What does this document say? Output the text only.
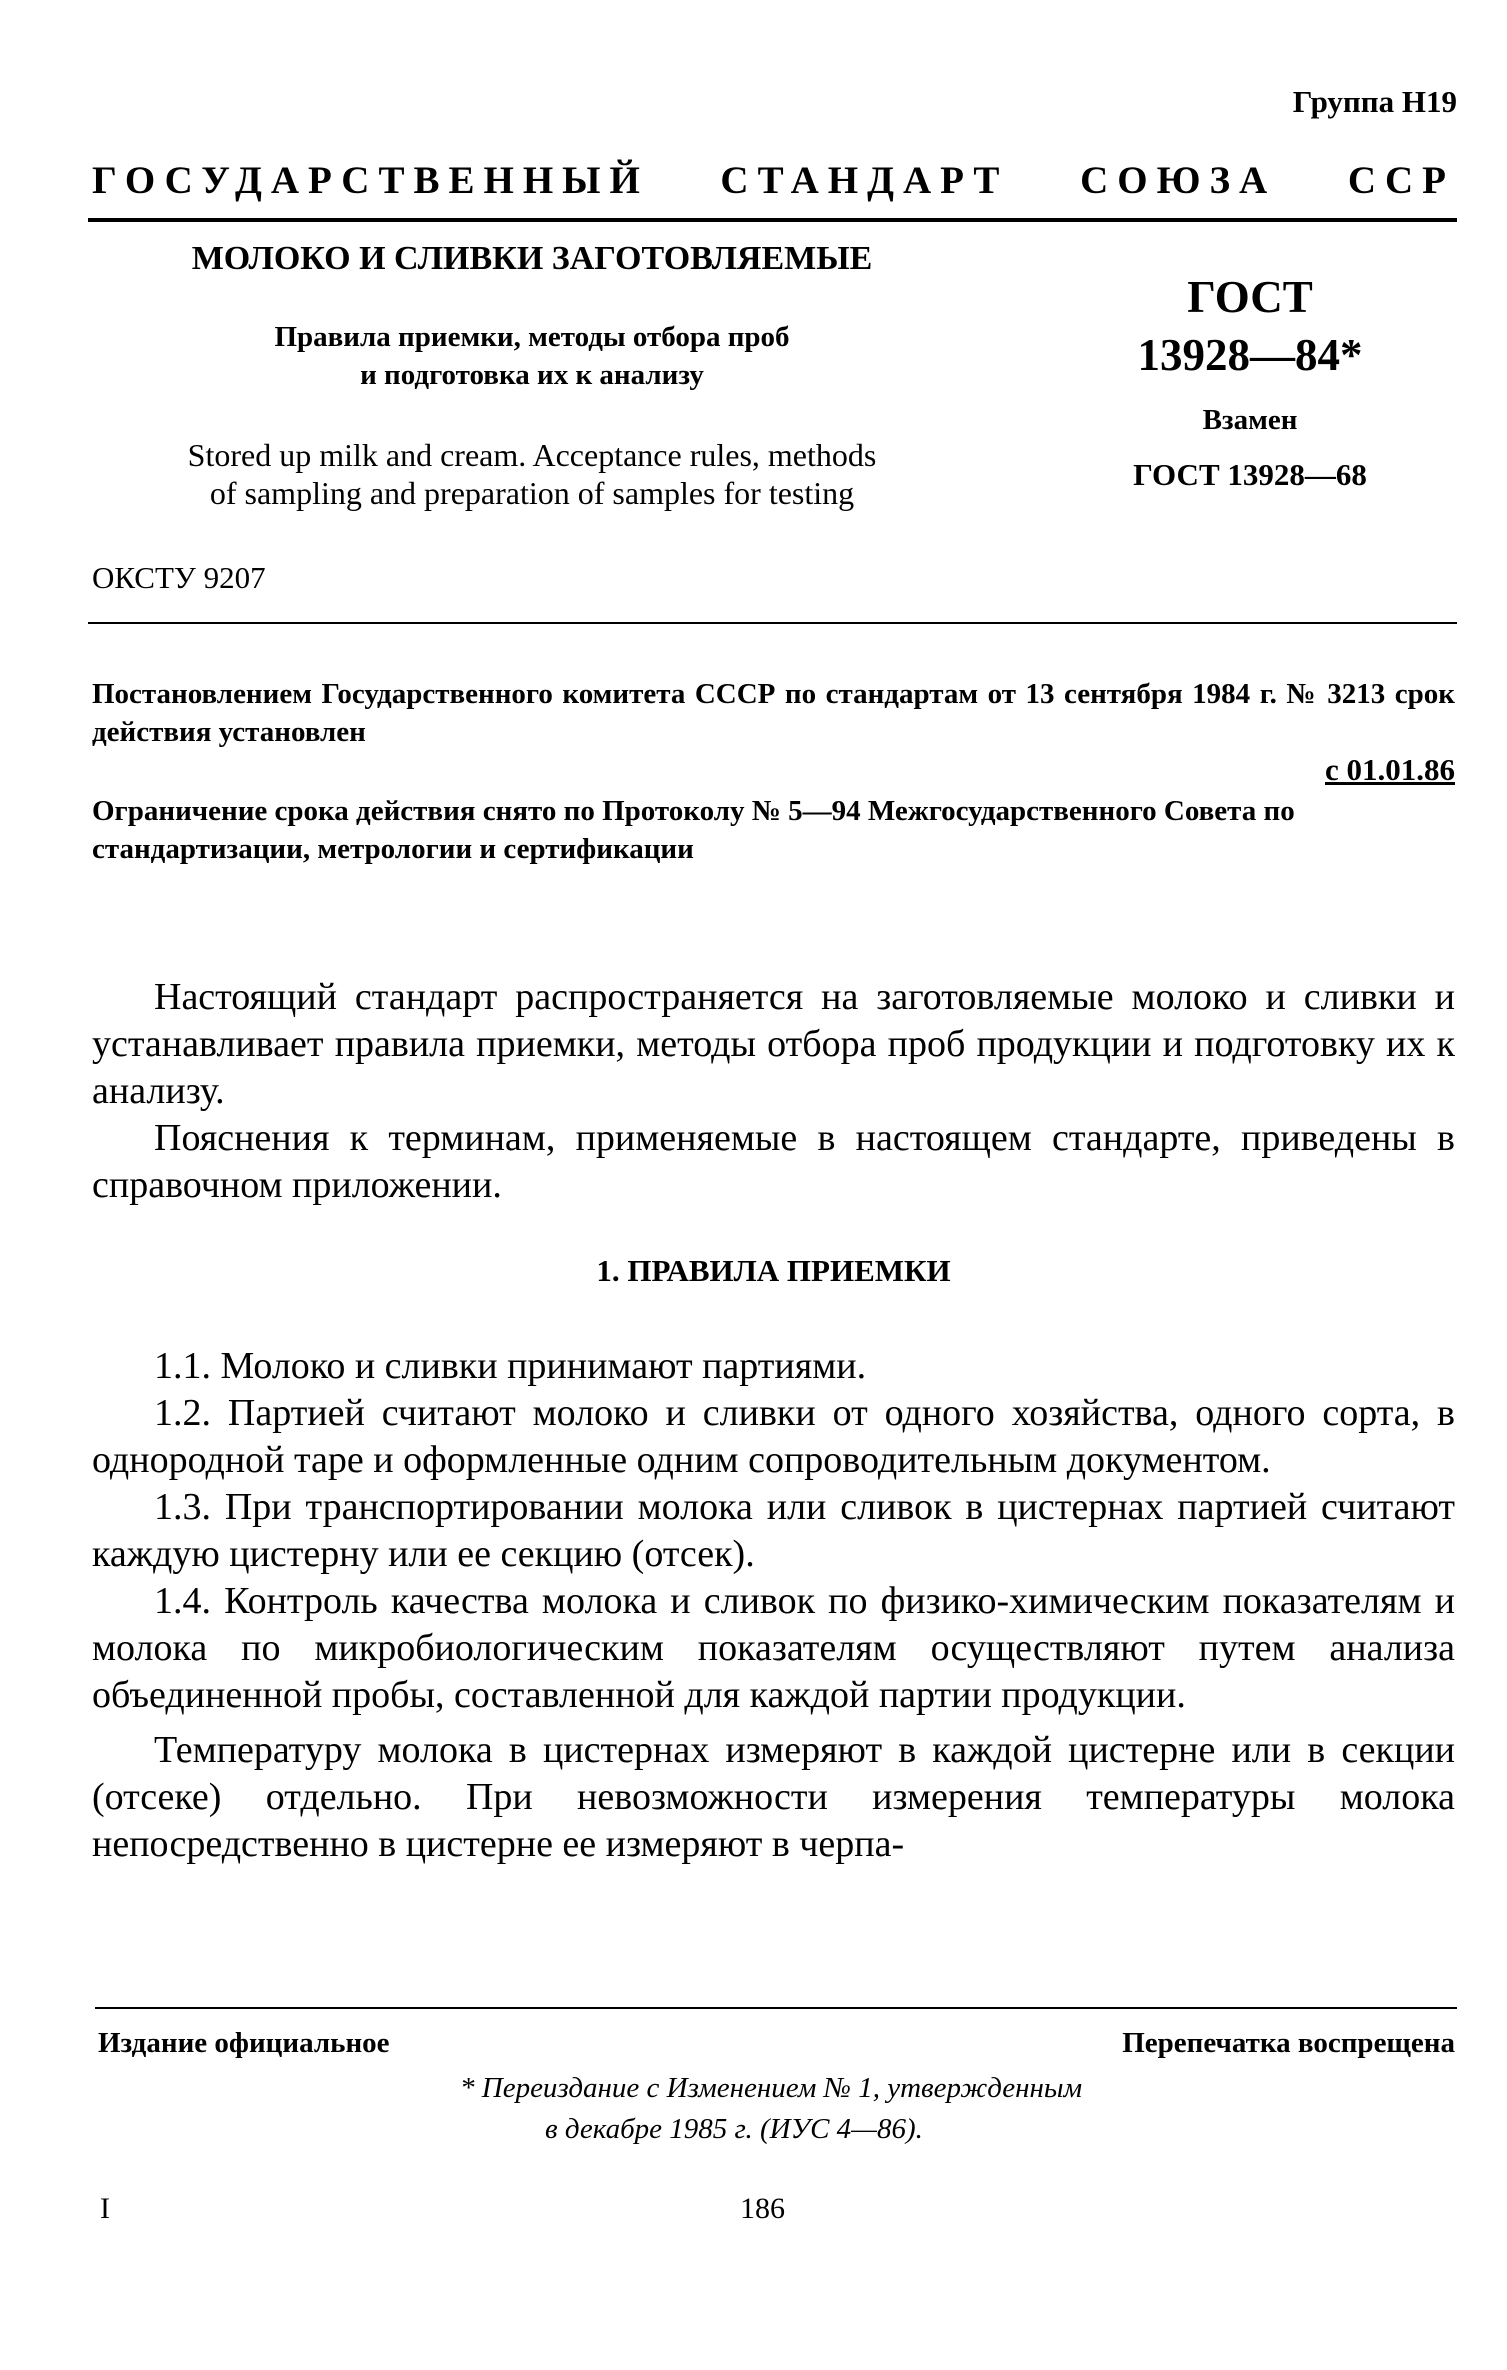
Группа Н19
ГОСУДАРСТВЕННЫЙ СТАНДАРТ СОЮЗА ССР
МОЛОКО И СЛИВКИ ЗАГОТОВЛЯЕМЫЕ
Правила приемки, методы отбора проб
и подготовка их к анализу
Stored up milk and cream. Acceptance rules, methods
of sampling and preparation of samples for testing
ГОСТ
13928—84*
Взамен
ГОСТ 13928—68
ОКСТУ 9207
Постановлением Государственного комитета СССР по стандартам от 13 сентября 1984 г. № 3213 срок действия установлен
с 01.01.86
Ограничение срока действия снято по Протоколу № 5—94 Межгосударственного Совета по стандартизации, метрологии и сертификации

Настоящий стандарт распространяется на заготовляемые молоко и сливки и устанавливает правила приемки, методы отбора проб продукции и подготовку их к анализу.

Пояснения к терминам, применяемые в настоящем стандарте, приведены в справочном приложении.

1. ПРАВИЛА ПРИЕМКИ

1.1. Молоко и сливки принимают партиями.

1.2. Партией считают молоко и сливки от одного хозяйства, одного сорта, в однородной таре и оформленные одним сопроводительным документом.

1.3. При транспортировании молока или сливок в цистернах партией считают каждую цистерну или ее секцию (отсек).

1.4. Контроль качества молока и сливок по физико-химическим показателям и молока по микробиологическим показателям осуществляют путем анализа объединенной пробы, составленной для каждой партии продукции.

Температуру молока в цистернах измеряют в каждой цистерне или в секции (отсеке) отдельно. При невозможности измерения температуры молока непосредственно в цистерне ее измеряют в черпа-

Издание официальное	Перепечатка воспрещена
* Переиздание с Изменением № 1, утвержденным
в декабре 1985 г. (ИУС 4—86).
I	186
